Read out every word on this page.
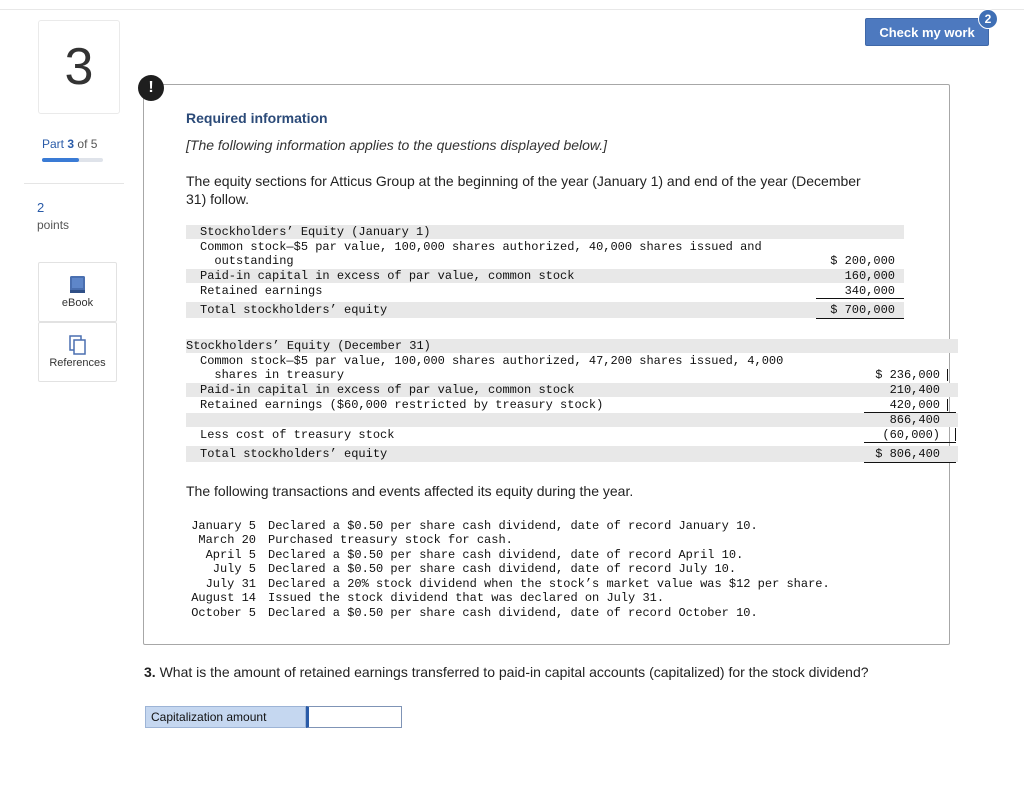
3
Part 3 of 5
2
points
eBook
References
Check my work
2
!
Required information
[The following information applies to the questions displayed below.]
The equity sections for Atticus Group at the beginning of the year (January 1) and end of the year (December 31) follow.
Stockholders’ Equity (January 1)
Common stock—$5 par value, 100,000 shares authorized, 40,000 shares issued and
outstanding	$ 200,000
Paid-in capital in excess of par value, common stock	160,000
Retained earnings	340,000
Total stockholders’ equity	$ 700,000
Stockholders’ Equity (December 31)
Common stock—$5 par value, 100,000 shares authorized, 47,200 shares issued, 4,000
shares in treasury	$ 236,000
Paid-in capital in excess of par value, common stock	210,400
Retained earnings ($60,000 restricted by treasury stock)	420,000
866,400
Less cost of treasury stock	(60,000)
Total stockholders’ equity	$ 806,400
The following transactions and events affected its equity during the year.
January 5 Declared a $0.50 per share cash dividend, date of record January 10.
March 20 Purchased treasury stock for cash.
April 5 Declared a $0.50 per share cash dividend, date of record April 10.
July 5 Declared a $0.50 per share cash dividend, date of record July 10.
July 31 Declared a 20% stock dividend when the stock’s market value was $12 per share.
August 14 Issued the stock dividend that was declared on July 31.
October 5 Declared a $0.50 per share cash dividend, date of record October 10.
3. What is the amount of retained earnings transferred to paid-in capital accounts (capitalized) for the stock dividend?
Capitalization amount
